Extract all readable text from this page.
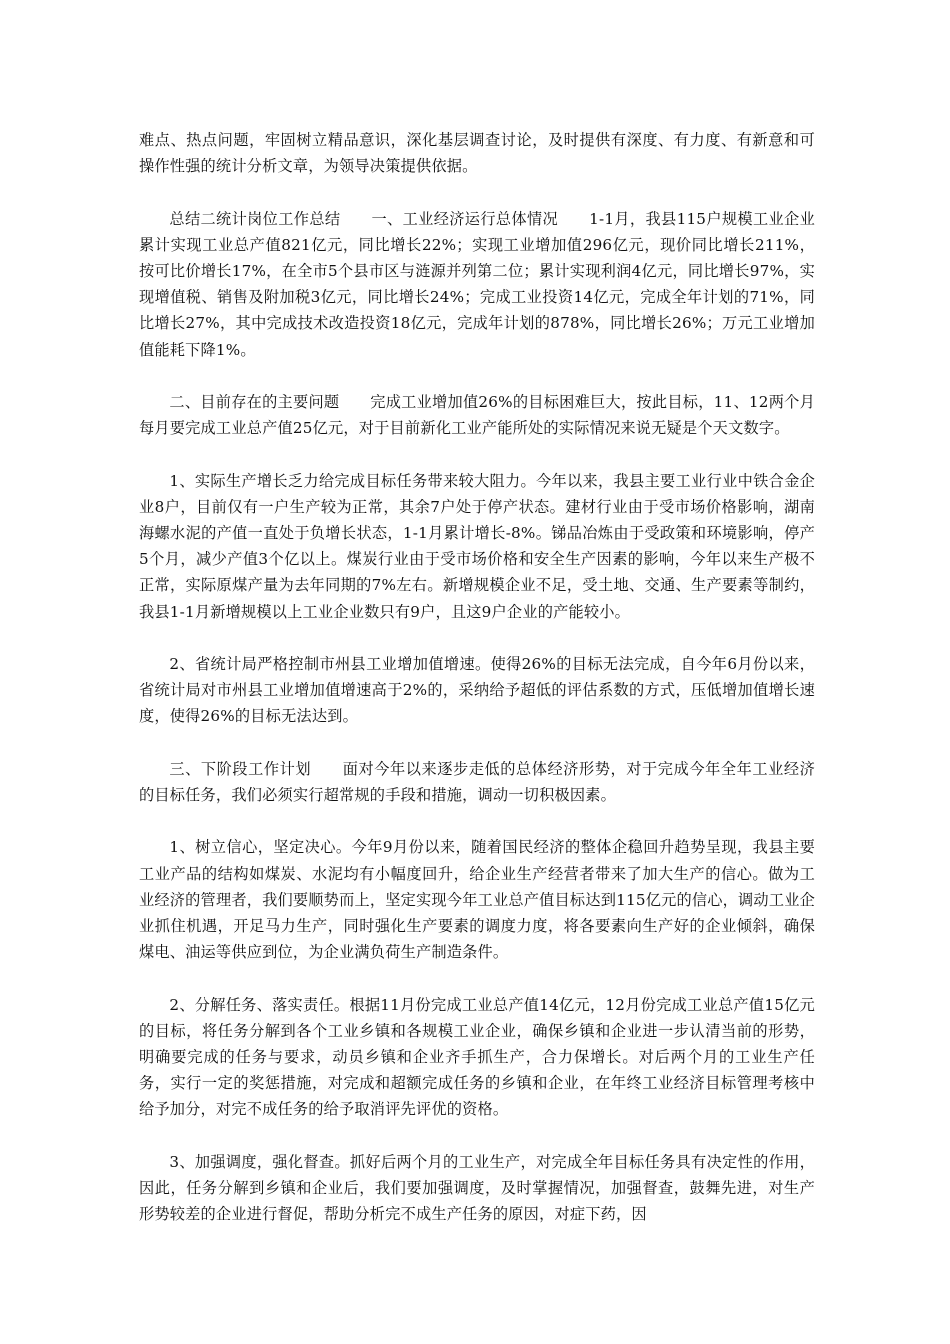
难点、热点问题，牢固树立精品意识，深化基层调查讨论，及时提供有深度、有力度、有新意和可操作性强的统计分析文章，为领导决策提供依据。

总结二统计岗位工作总结　　一、工业经济运行总体情况　　1-1月，我县115户规模工业企业累计实现工业总产值821亿元，同比增长22%；实现工业增加值296亿元，现价同比增长211%，按可比价增长17%，在全市5个县市区与涟源并列第二位；累计实现利润4亿元，同比增长97%，实现增值税、销售及附加税3亿元，同比增长24%；完成工业投资14亿元，完成全年计划的71%，同比增长27%，其中完成技术改造投资18亿元，完成年计划的878%，同比增长26%；万元工业增加值能耗下降1%。

二、目前存在的主要问题　　完成工业增加值26%的目标困难巨大，按此目标，11、12两个月每月要完成工业总产值25亿元，对于目前新化工业产能所处的实际情况来说无疑是个天文数字。

1、实际生产增长乏力给完成目标任务带来较大阻力。今年以来，我县主要工业行业中铁合金企业8户，目前仅有一户生产较为正常，其余7户处于停产状态。建材行业由于受市场价格影响，湖南海螺水泥的产值一直处于负增长状态，1-1月累计增长-8%。锑品冶炼由于受政策和环境影响，停产5个月，减少产值3个亿以上。煤炭行业由于受市场价格和安全生产因素的影响，今年以来生产极不正常，实际原煤产量为去年同期的7%左右。新增规模企业不足，受土地、交通、生产要素等制约，我县1-1月新增规模以上工业企业数只有9户，且这9户企业的产能较小。

2、省统计局严格控制市州县工业增加值增速。使得26%的目标无法完成，自今年6月份以来，省统计局对市州县工业增加值增速高于2%的，采纳给予超低的评估系数的方式，压低增加值增长速度，使得26%的目标无法达到。

三、下阶段工作计划　　面对今年以来逐步走低的总体经济形势，对于完成今年全年工业经济的目标任务，我们必须实行超常规的手段和措施，调动一切积极因素。

1、树立信心，坚定决心。今年9月份以来，随着国民经济的整体企稳回升趋势呈现，我县主要工业产品的结构如煤炭、水泥均有小幅度回升，给企业生产经营者带来了加大生产的信心。做为工业经济的管理者，我们要顺势而上，坚定实现今年工业总产值目标达到115亿元的信心，调动工业企业抓住机遇，开足马力生产，同时强化生产要素的调度力度，将各要素向生产好的企业倾斜，确保煤电、油运等供应到位，为企业满负荷生产制造条件。

2、分解任务、落实责任。根据11月份完成工业总产值14亿元，12月份完成工业总产值15亿元的目标，将任务分解到各个工业乡镇和各规模工业企业，确保乡镇和企业进一步认清当前的形势，明确要完成的任务与要求，动员乡镇和企业齐手抓生产，合力保增长。对后两个月的工业生产任务，实行一定的奖惩措施，对完成和超额完成任务的乡镇和企业，在年终工业经济目标管理考核中给予加分，对完不成任务的给予取消评先评优的资格。

3、加强调度，强化督查。抓好后两个月的工业生产，对完成全年目标任务具有决定性的作用，因此，任务分解到乡镇和企业后，我们要加强调度，及时掌握情况，加强督查，鼓舞先进，对生产形势较差的企业进行督促，帮助分析完不成生产任务的原因，对症下药，因
